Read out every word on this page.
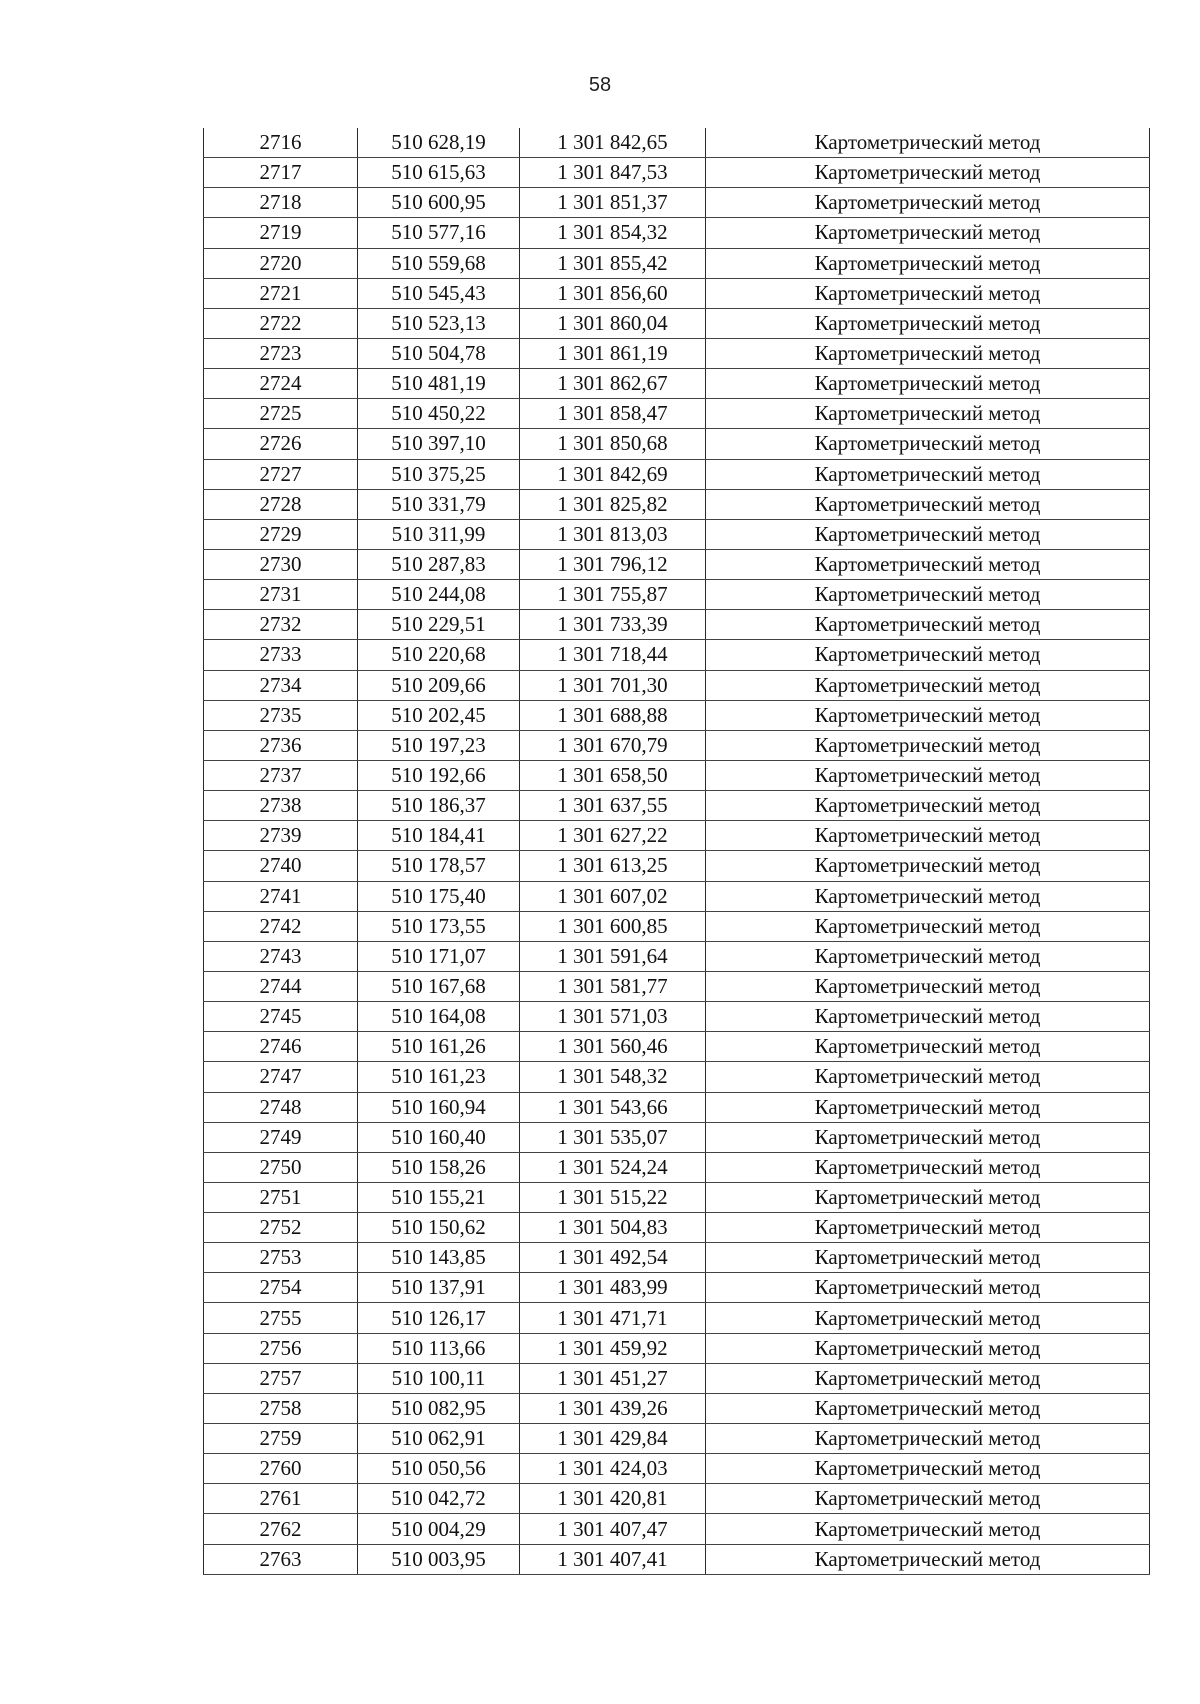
58
2716	510 628,19	1 301 842,65	Картометрический метод
2717	510 615,63	1 301 847,53	Картометрический метод
2718	510 600,95	1 301 851,37	Картометрический метод
2719	510 577,16	1 301 854,32	Картометрический метод
2720	510 559,68	1 301 855,42	Картометрический метод
2721	510 545,43	1 301 856,60	Картометрический метод
2722	510 523,13	1 301 860,04	Картометрический метод
2723	510 504,78	1 301 861,19	Картометрический метод
2724	510 481,19	1 301 862,67	Картометрический метод
2725	510 450,22	1 301 858,47	Картометрический метод
2726	510 397,10	1 301 850,68	Картометрический метод
2727	510 375,25	1 301 842,69	Картометрический метод
2728	510 331,79	1 301 825,82	Картометрический метод
2729	510 311,99	1 301 813,03	Картометрический метод
2730	510 287,83	1 301 796,12	Картометрический метод
2731	510 244,08	1 301 755,87	Картометрический метод
2732	510 229,51	1 301 733,39	Картометрический метод
2733	510 220,68	1 301 718,44	Картометрический метод
2734	510 209,66	1 301 701,30	Картометрический метод
2735	510 202,45	1 301 688,88	Картометрический метод
2736	510 197,23	1 301 670,79	Картометрический метод
2737	510 192,66	1 301 658,50	Картометрический метод
2738	510 186,37	1 301 637,55	Картометрический метод
2739	510 184,41	1 301 627,22	Картометрический метод
2740	510 178,57	1 301 613,25	Картометрический метод
2741	510 175,40	1 301 607,02	Картометрический метод
2742	510 173,55	1 301 600,85	Картометрический метод
2743	510 171,07	1 301 591,64	Картометрический метод
2744	510 167,68	1 301 581,77	Картометрический метод
2745	510 164,08	1 301 571,03	Картометрический метод
2746	510 161,26	1 301 560,46	Картометрический метод
2747	510 161,23	1 301 548,32	Картометрический метод
2748	510 160,94	1 301 543,66	Картометрический метод
2749	510 160,40	1 301 535,07	Картометрический метод
2750	510 158,26	1 301 524,24	Картометрический метод
2751	510 155,21	1 301 515,22	Картометрический метод
2752	510 150,62	1 301 504,83	Картометрический метод
2753	510 143,85	1 301 492,54	Картометрический метод
2754	510 137,91	1 301 483,99	Картометрический метод
2755	510 126,17	1 301 471,71	Картометрический метод
2756	510 113,66	1 301 459,92	Картометрический метод
2757	510 100,11	1 301 451,27	Картометрический метод
2758	510 082,95	1 301 439,26	Картометрический метод
2759	510 062,91	1 301 429,84	Картометрический метод
2760	510 050,56	1 301 424,03	Картометрический метод
2761	510 042,72	1 301 420,81	Картометрический метод
2762	510 004,29	1 301 407,47	Картометрический метод
2763	510 003,95	1 301 407,41	Картометрический метод
